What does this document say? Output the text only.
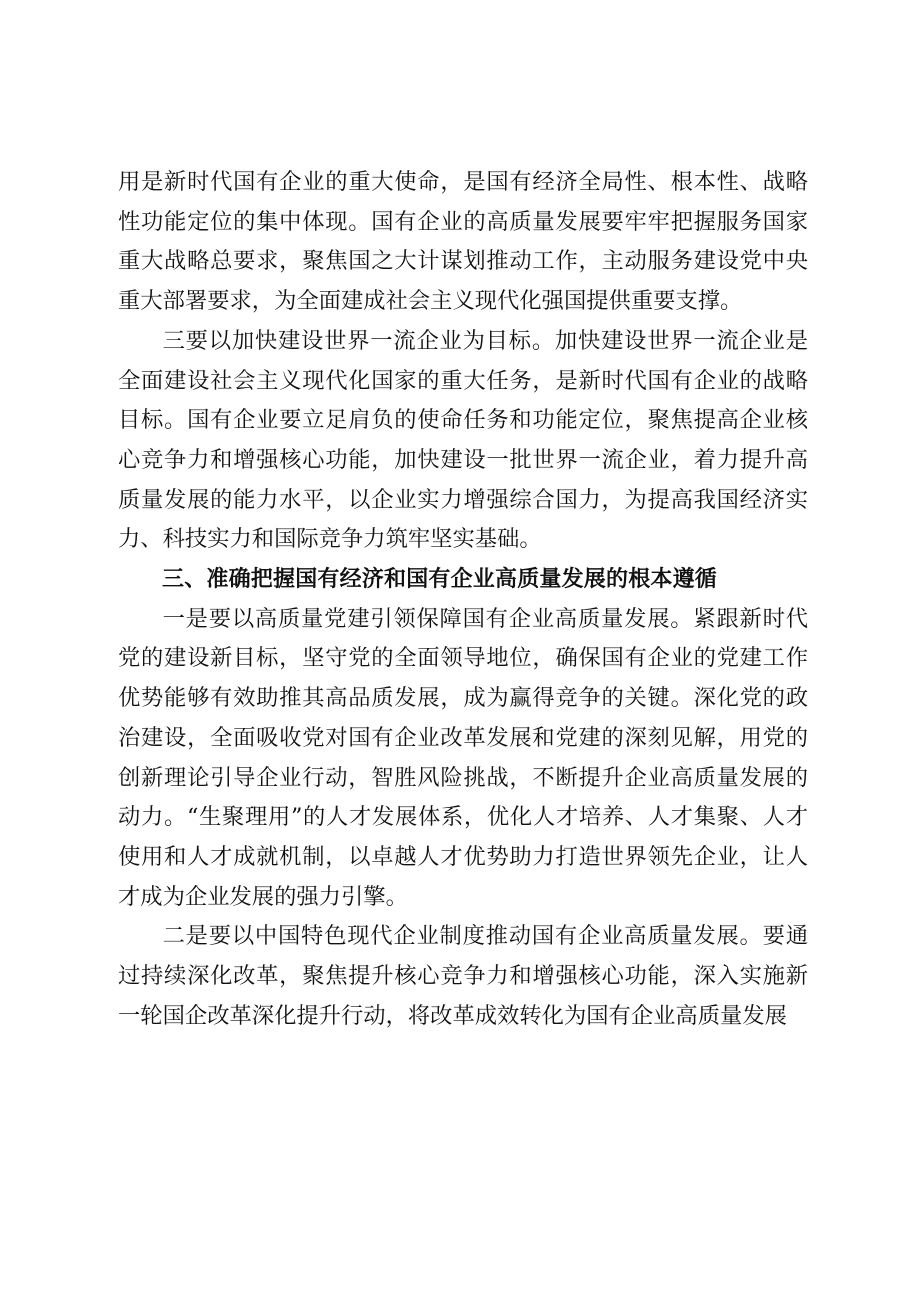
用是新时代国有企业的重大使命，是国有经济全局性、根本性、战略性功能定位的集中体现。国有企业的高质量发展要牢牢把握服务国家重大战略总要求，聚焦国之大计谋划推动工作，主动服务建设党中央重大部署要求，为全面建成社会主义现代化强国提供重要支撑。

三要以加快建设世界一流企业为目标。加快建设世界一流企业是全面建设社会主义现代化国家的重大任务，是新时代国有企业的战略目标。国有企业要立足肩负的使命任务和功能定位，聚焦提高企业核心竞争力和增强核心功能，加快建设一批世界一流企业，着力提升高质量发展的能力水平，以企业实力增强综合国力，为提高我国经济实力、科技实力和国际竞争力筑牢坚实基础。

三、准确把握国有经济和国有企业高质量发展的根本遵循

一是要以高质量党建引领保障国有企业高质量发展。紧跟新时代党的建设新目标，坚守党的全面领导地位，确保国有企业的党建工作优势能够有效助推其高品质发展，成为赢得竞争的关键。深化党的政治建设，全面吸收党对国有企业改革发展和党建的深刻见解，用党的创新理论引导企业行动，智胜风险挑战，不断提升企业高质量发展的动力。“生聚理用”的人才发展体系，优化人才培养、人才集聚、人才使用和人才成就机制，以卓越人才优势助力打造世界领先企业，让人才成为企业发展的强力引擎。

二是要以中国特色现代企业制度推动国有企业高质量发展。要通过持续深化改革，聚焦提升核心竞争力和增强核心功能，深入实施新一轮国企改革深化提升行动，将改革成效转化为国有企业高质量发展
